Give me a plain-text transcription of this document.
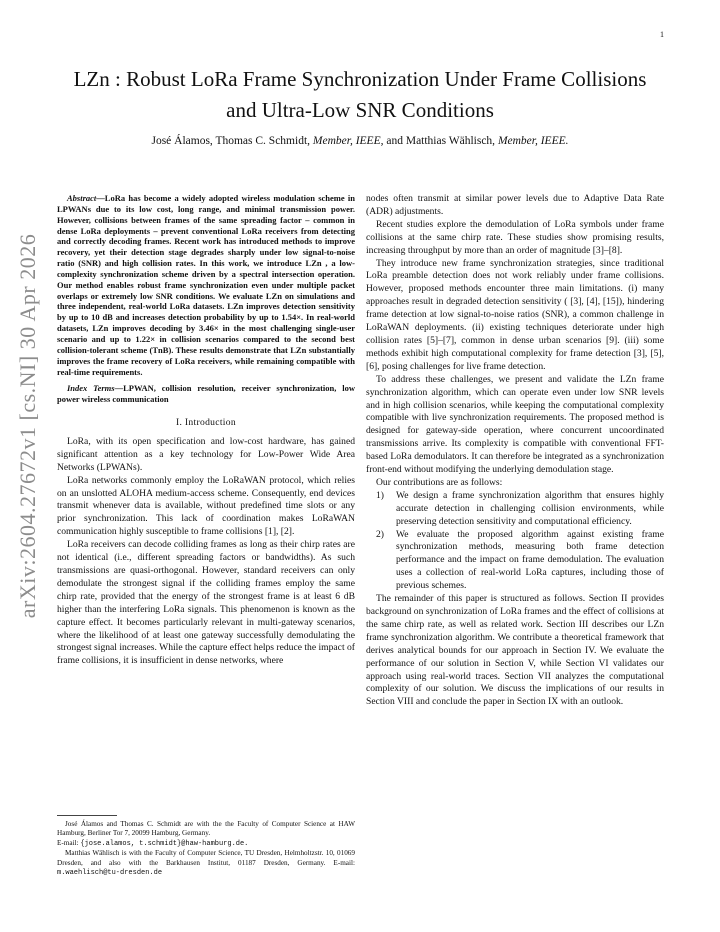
1
arXiv:2604.27672v1 [cs.NI] 30 Apr 2026
LZn : Robust LoRa Frame Synchronization Under Frame Collisions
and Ultra-Low SNR Conditions
José Álamos, Thomas C. Schmidt, Member, IEEE, and Matthias Wählisch, Member, IEEE.

Abstract—LoRa has become a widely adopted wireless modulation scheme in LPWANs due to its low cost, long range, and minimal transmission power. However, collisions between frames of the same spreading factor – common in dense LoRa deployments – prevent conventional LoRa receivers from detecting and correctly decoding frames. Recent work has introduced methods to improve recovery, yet their detection stage degrades sharply under low signal-to-noise ratio (SNR) and high collision rates. In this work, we introduce LZn , a low-complexity synchronization scheme driven by a spectral intersection operation. Our method enables robust frame synchronization even under multiple packet overlaps or extremely low SNR conditions. We evaluate LZn on simulations and three independent, real-world LoRa datasets. LZn improves detection sensitivity by up to 10 dB and increases detection probability by up to 1.54×. In real-world datasets, LZn improves decoding by 3.46× in the most challenging single-user scenario and up to 1.22× in collision scenarios compared to the second best collision-tolerant scheme (TnB). These results demonstrate that LZn substantially improves the frame recovery of LoRa receivers, while remaining compatible with real-time requirements.

Index Terms—LPWAN, collision resolution, receiver synchronization, low power wireless communication

I. Introduction

LoRa, with its open specification and low-cost hardware, has gained significant attention as a key technology for Low-Power Wide Area Networks (LPWANs).

LoRa networks commonly employ the LoRaWAN protocol, which relies on an unslotted ALOHA medium-access scheme. Consequently, end devices transmit whenever data is available, without predefined time slots or any prior synchronization. This lack of coordination makes LoRaWAN communication highly susceptible to frame collisions [1], [2].

LoRa receivers can decode colliding frames as long as their chirp rates are not identical (i.e., different spreading factors or bandwidths). As such transmissions are quasi-orthogonal. However, standard receivers can only demodulate the strongest signal if the colliding frames employ the same chirp rate, provided that the energy of the strongest frame is at least 6 dB higher than the interfering LoRa signals. This phenomenon is known as the capture effect. It becomes particularly relevant in multi-gateway scenarios, where the likelihood of at least one gateway successfully demodulating the strongest signal increases. While the capture effect helps reduce the impact of frame collisions, it is insufficient in dense networks, where

nodes often transmit at similar power levels due to Adaptive Data Rate (ADR) adjustments.

Recent studies explore the demodulation of LoRa symbols under frame collisions at the same chirp rate. These studies show promising results, increasing throughput by more than an order of magnitude [3]–[8].

They introduce new frame synchronization strategies, since traditional LoRa preamble detection does not work reliably under frame collisions. However, proposed methods encounter three main limitations. (i) many approaches result in degraded detection sensitivity ( [3], [4], [15]), hindering frame detection at low signal-to-noise ratios (SNR), a common challenge in LoRaWAN deployments. (ii) existing techniques deteriorate under high collision rates [5]–[7], common in dense urban scenarios [9]. (iii) some methods exhibit high computational complexity for frame detection [3], [5], [6], posing challenges for live frame detection.

To address these challenges, we present and validate the LZn frame synchronization algorithm, which can operate even under low SNR levels and in high collision scenarios, while keeping the computational complexity compatible with live synchronization requirements. The proposed method is designed for gateway-side operation, where concurrent uncoordinated transmissions arrive. Its complexity is compatible with conventional FFT-based LoRa demodulators. It can therefore be integrated as a synchronization front-end without modifying the underlying demodulation stage.

Our contributions are as follows:

1) We design a frame synchronization algorithm that ensures highly accurate detection in challenging collision environments, while preserving detection sensitivity and computational efficiency.
2) We evaluate the proposed algorithm against existing frame synchronization methods, measuring both frame detection performance and the impact on frame demodulation. The evaluation uses a collection of real-world LoRa captures, including those of previous schemes.

The remainder of this paper is structured as follows. Section II provides background on synchronization of LoRa frames and the effect of collisions at the same chirp rate, as well as related work. Section III describes our LZn frame synchronization algorithm. We contribute a theoretical framework that derives analytical bounds for our approach in Section IV. We evaluate the performance of our solution in Section V, while Section VI validates our approach using real-world traces. Section VII analyzes the computational complexity of our solution. We discuss the implications of our results in Section VIII and conclude the paper in Section IX with an outlook.

José Álamos and Thomas C. Schmidt are with the the Faculty of Computer Science at HAW Hamburg, Berliner Tor 7, 20099 Hamburg, Germany.

E-mail: {jose.alamos, t.schmidt}@haw-hamburg.de.

Matthias Wählisch is with the Faculty of Computer Science, TU Dresden, Helmholtzstr. 10, 01069 Dresden, and also with the Barkhausen Institut, 01187 Dresden, Germany. E-mail: m.waehlisch@tu-dresden.de
